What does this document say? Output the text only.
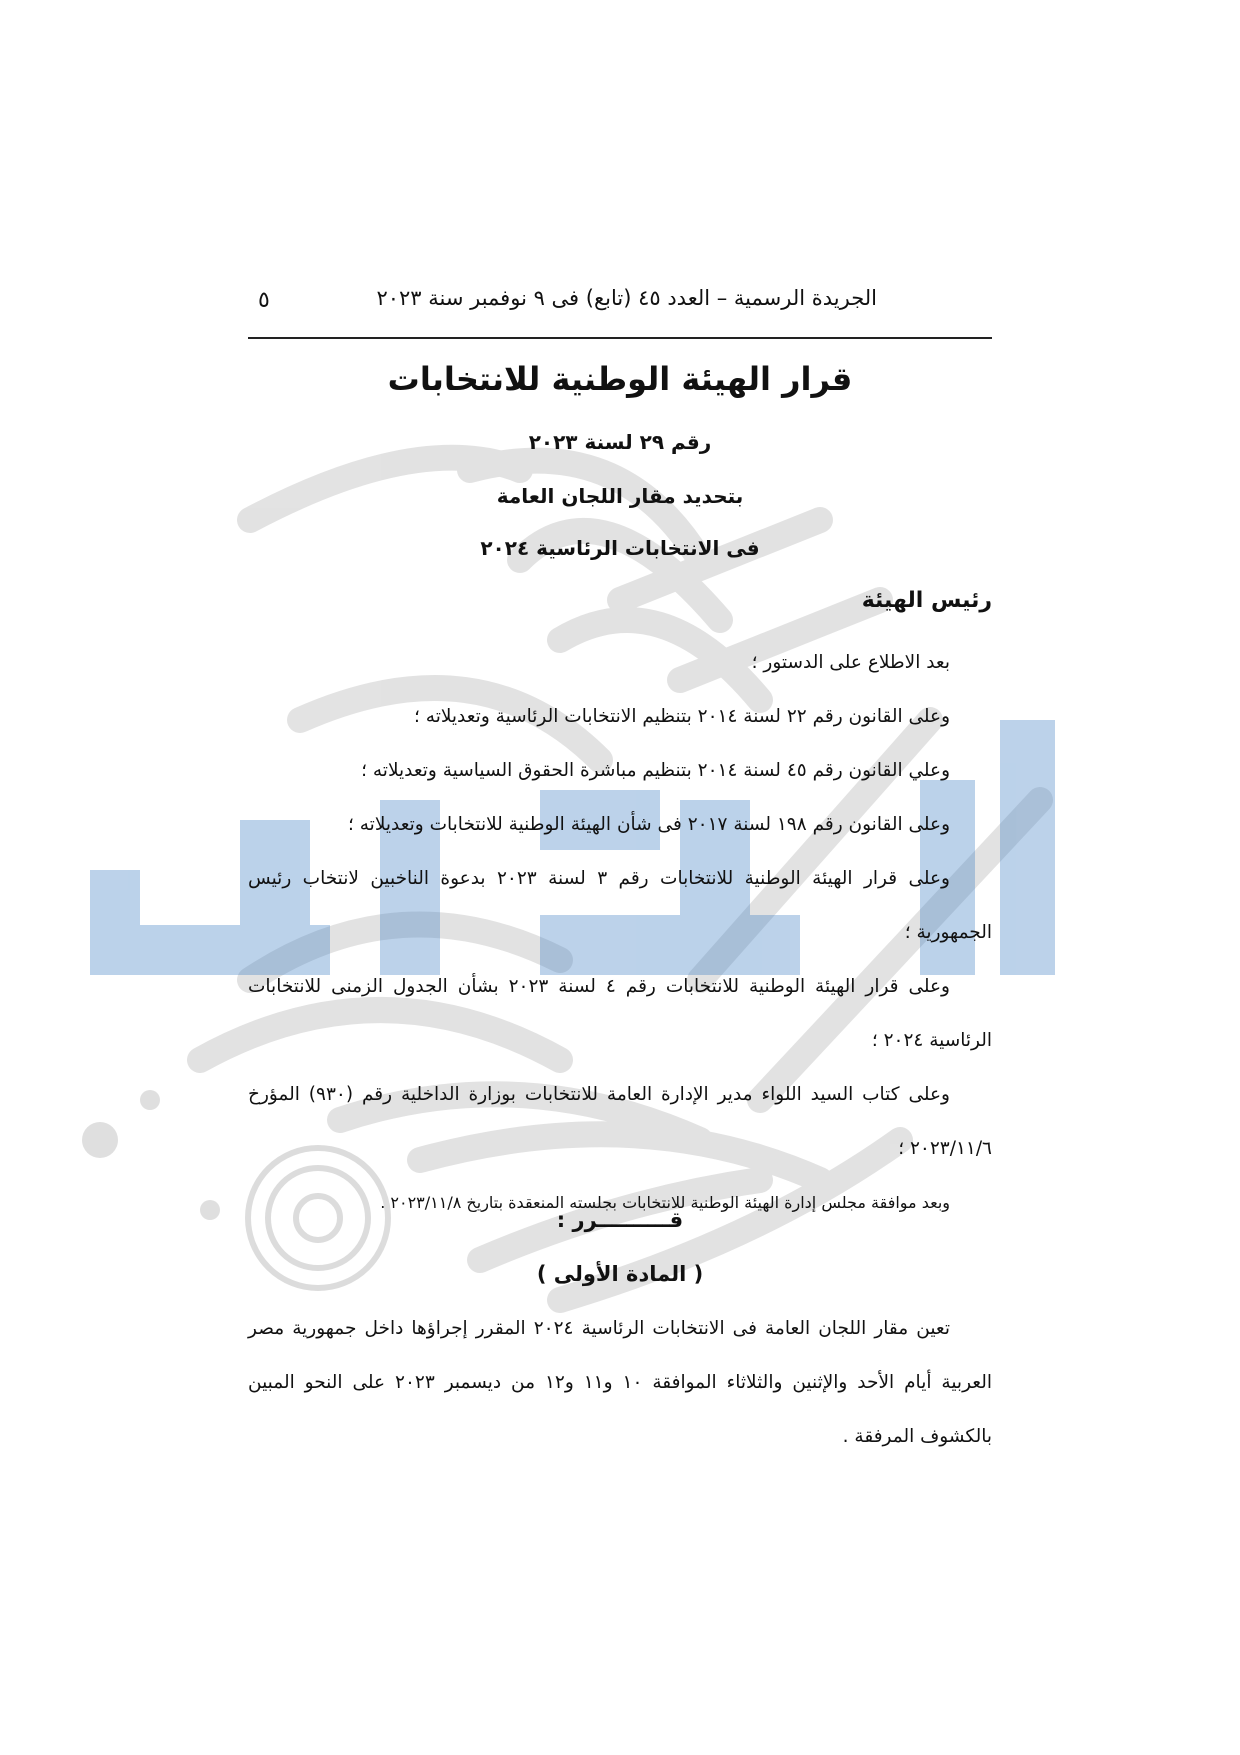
الجريدة الرسمية – العدد ٤٥ (تابع) فى ٩ نوفمبر سنة ٢٠٢٣
٥
قرار الهيئة الوطنية للانتخابات
رقم ٢٩ لسنة ٢٠٢٣
بتحديد مقار اللجان العامة
فى الانتخابات الرئاسية ٢٠٢٤
رئيس الهيئة

بعد الاطلاع على الدستور ؛

وعلى القانون رقم ٢٢ لسنة ٢٠١٤ بتنظيم الانتخابات الرئاسية وتعديلاته ؛

وعلي القانون رقم ٤٥ لسنة ٢٠١٤ بتنظيم مباشرة الحقوق السياسية وتعديلاته ؛

وعلى القانون رقم ١٩٨ لسنة ٢٠١٧ فى شأن الهيئة الوطنية للانتخابات وتعديلاته ؛

وعلى قرار الهيئة الوطنية للانتخابات رقم ٣ لسنة ٢٠٢٣ بدعوة الناخبين لانتخاب رئيس الجمهورية ؛

وعلى قرار الهيئة الوطنية للانتخابات رقم ٤ لسنة ٢٠٢٣ بشأن الجدول الزمنى للانتخابات الرئاسية ٢٠٢٤ ؛

وعلى كتاب السيد اللواء مدير الإدارة العامة للانتخابات بوزارة الداخلية رقم (٩٣٠) المؤرخ ٢٠٢٣/١١/٦ ؛

وبعد موافقة مجلس إدارة الهيئة الوطنية للانتخابات بجلسته المنعقدة بتاريخ ٢٠٢٣/١١/٨ .

قــــــــــرر :
( المادة الأولى )

تعين مقار اللجان العامة فى الانتخابات الرئاسية ٢٠٢٤ المقرر إجراؤها داخل جمهورية مصر العربية أيام الأحد والإثنين والثلاثاء الموافقة ١٠ و١١ و١٢ من ديسمبر ٢٠٢٣ على النحو المبين بالكشوف المرفقة .
